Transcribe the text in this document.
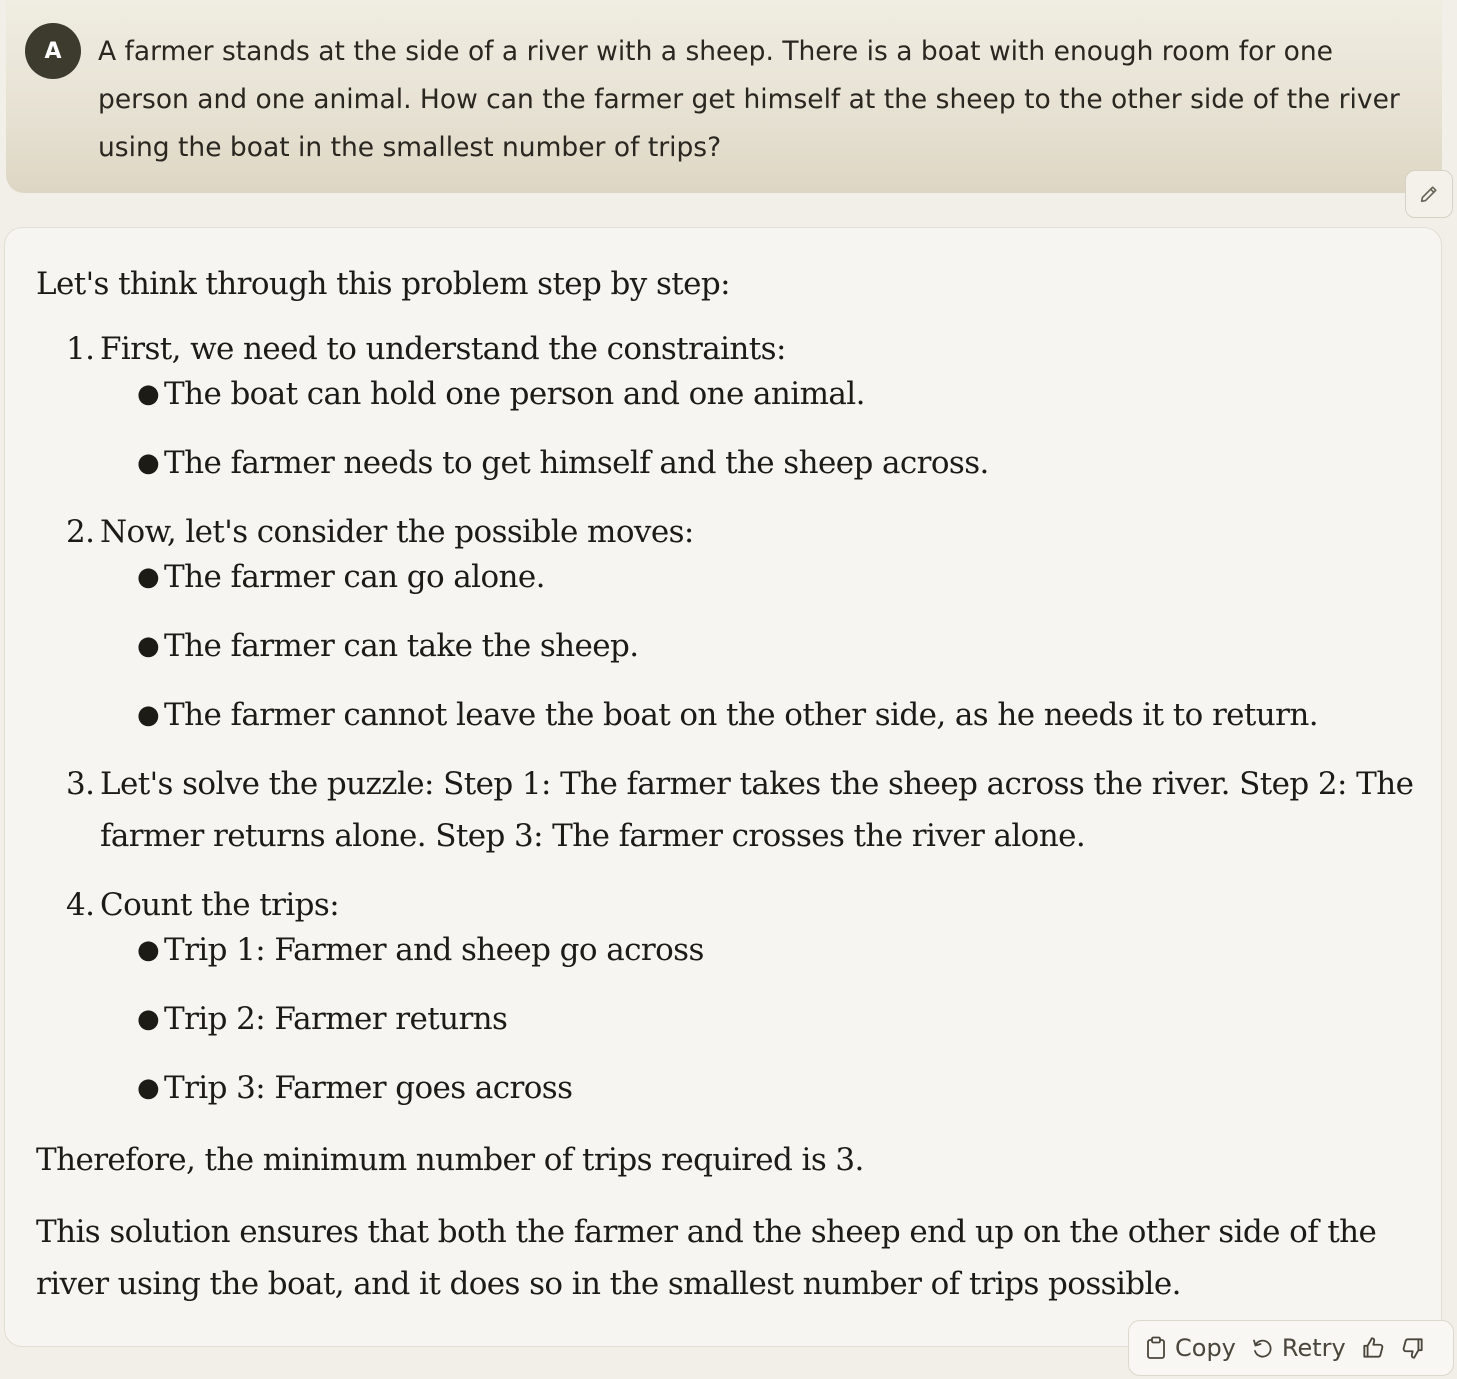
A	A farmer stands at the side of a river with a sheep. There is a boat with enough room for one person and one animal. How can the farmer get himself at the sheep to the other side of the river using the boat in the smallest number of trips?

Let's think through this problem step by step:

1. First, we need to understand the constraints:
● The boat can hold one person and one animal.
● The farmer needs to get himself and the sheep across.
2. Now, let's consider the possible moves:
● The farmer can go alone.
● The farmer can take the sheep.
● The farmer cannot leave the boat on the other side, as he needs it to return.
3. Let's solve the puzzle: Step 1: The farmer takes the sheep across the river. Step 2: The farmer returns alone. Step 3: The farmer crosses the river alone.
4. Count the trips:
● Trip 1: Farmer and sheep go across
● Trip 2: Farmer returns
● Trip 3: Farmer goes across

Therefore, the minimum number of trips required is 3.

This solution ensures that both the farmer and the sheep end up on the other side of the river using the boat, and it does so in the smallest number of trips possible.

Copy Retry
